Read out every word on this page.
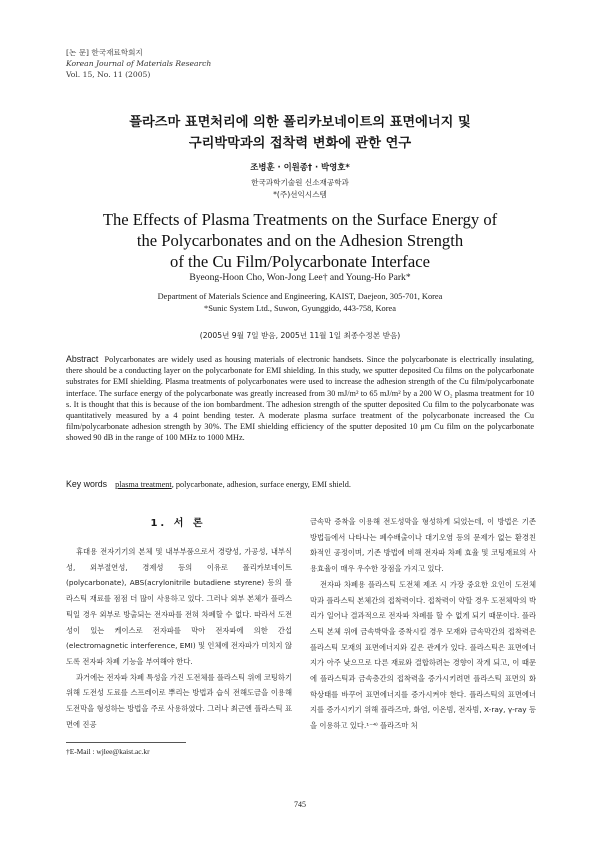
[논 문] 한국재료학회지
Korean Journal of Materials Research
Vol. 15, No. 11 (2005)
플라즈마 표면처리에 의한 폴리카보네이트의 표면에너지 및
구리박막과의 접착력 변화에 관한 연구
조병훈 · 이원종† · 박영호*
한국과학기술원 신소재공학과
*(주)선익시스템
The Effects of Plasma Treatments on the Surface Energy of
the Polycarbonates and on the Adhesion Strength
of the Cu Film/Polycarbonate Interface
Byeong-Hoon Cho, Won-Jong Lee† and Young-Ho Park*
Department of Materials Science and Engineering, KAIST, Daejeon, 305-701, Korea
*Sunic System Ltd., Suwon, Gyunggido, 443-758, Korea
(2005년 9월 7일 받음, 2005년 11월 1일 최종수정본 받음)
Abstract Polycarbonates are widely used as housing materials of electronic handsets. Since the polycarbonate is electrically insulating, there should be a conducting layer on the polycarbonate for EMI shielding. In this study, we sputter deposited Cu films on the polycarbonate substrates for EMI shielding. Plasma treatments of polycarbonates were used to increase the adhesion strength of the Cu film/polycarbonate interface. The surface energy of the polycarbonate was greatly increased from 30 mJ/m² to 65 mJ/m² by a 200 W O₂ plasma treatment for 10 s. It is thought that this is because of the ion bombardment. The adhesion strength of the sputter deposited Cu film to the polycarbonate was quantitatively measured by a 4 point bending tester. A moderate plasma surface treatment of the polycarbonate increased the Cu film/polycarbonate adhesion strength by 30%. The EMI shielding efficiency of the sputter deposited 10 μm Cu film on the polycarbonate showed 90 dB in the range of 100 MHz to 1000 MHz.
Key words plasma treatment, polycarbonate, adhesion, surface energy, EMI shield.
1. 서 론

휴대용 전자기기의 본체 및 내부부품으로서 경량성, 가공성, 내부식성, 외부절연성, 경제성 등의 이유로 폴리카보네이트 (polycarbonate), ABS(acrylonitrile butadiene styrene) 등의 플라스틱 재료를 점점 더 많이 사용하고 있다. 그러나 외부 본체가 플라스틱일 경우 외부로 방출되는 전자파를 전혀 차폐할 수 없다. 따라서 도전성이 있는 케이스로 전자파를 막아 전자파에 의한 간섭 (electromagnetic interference, EMI) 및 인체에 전자파가 미치지 않도록 전자파 차폐 기능을 부여해야 한다.

과거에는 전자파 차폐 특성을 가진 도전체를 플라스틱 위에 코팅하기 위해 도전성 도료를 스프레이로 뿌리는 방법과 습식 전해도금을 이용해 도전막을 형성하는 방법을 주로 사용하였다. 그러나 최근엔 플라스틱 표면에 진공

금속막 증착을 이용해 전도성막을 형성하게 되었는데, 이 방법은 기존 방법들에서 나타나는 폐수배출이나 대기오염 등의 문제가 없는 환경친화적인 공정이며, 기존 방법에 비해 전자파 차폐 효율 및 코팅재료의 사용효율이 매우 우수한 장점을 가지고 있다.

전자파 차폐용 플라스틱 도전체 제조 시 가장 중요한 요인이 도전체막과 플라스틱 본체간의 접착력이다. 접착력이 약할 경우 도전체막의 박리가 일어나 결과적으로 전자파 차폐를 할 수 없게 되기 때문이다. 플라스틱 본체 위에 금속박막을 증착시킬 경우 모재와 금속막간의 접착력은 플라스틱 모재의 표면에너지와 깊은 관계가 있다. 플라스틱은 표면에너지가 아주 낮으므로 다른 재료와 결합하려는 경향이 작게 되고, 이 때문에 플라스틱과 금속층간의 접착력을 증가시키려면 플라스틱 표면의 화학상태를 바꾸어 표면에너지를 증가시켜야 한다. 플라스틱의 표면에너지를 증가시키기 위해 플라즈마, 화염, 이온빔, 전자빔, X-ray, γ-ray 등을 이용하고 있다.¹⁻⁴⁾ 플라즈마 처

†E-Mail : wjlee@kaist.ac.kr
745
